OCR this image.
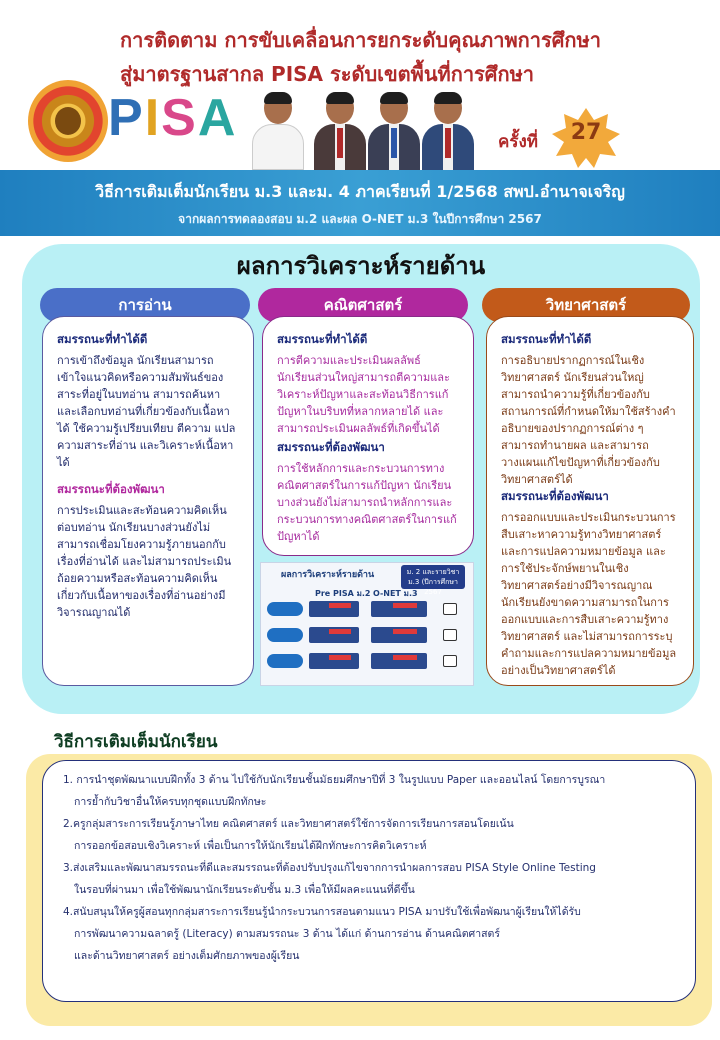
การติดตาม การขับเคลื่อนการยกระดับคุณภาพการศึกษา
สู่มาตรฐานสากล PISA ระดับเขตพื้นที่การศึกษา
PISA	ครั้งที่	27
วิธีการเติมเต็มนักเรียน ม.3 และม. 4 ภาคเรียนที่ 1/2568 สพป.อำนาจเจริญ
จากผลการทดลองสอบ ม.2 และผล O-NET ม.3 ในปีการศึกษา 2567
ผลการวิเคราะห์รายด้าน
การอ่าน	คณิตศาสตร์	วิทยาศาสตร์
สมรรถนะที่ทำได้ดี

การเข้าถึงข้อมูล นักเรียนสามารถเข้าใจแนวคิดหรือความสัมพันธ์ของสาระที่อยู่ในบทอ่าน สามารถค้นหาและเลือกบทอ่านที่เกี่ยวข้องกับเนื้อหาได้ ใช้ความรู้เปรียบเทียบ ตีความ แปลความสาระที่อ่าน และวิเคราะห์เนื้อหาได้

สมรรถนะที่ต้องพัฒนา

การประเมินและสะท้อนความคิดเห็นต่อบทอ่าน นักเรียนบางส่วนยังไม่สามารถเชื่อมโยงความรู้ภายนอกกับเรื่องที่อ่านได้ และไม่สามารถประเมินถ้อยความหรือสะท้อนความคิดเห็นเกี่ยวกับเนื้อหาของเรื่องที่อ่านอย่างมีวิจารณญาณได้

สมรรถนะที่ทำได้ดี

การตีความและประเมินผลลัพธ์ นักเรียนส่วนใหญ่สามารถตีความและวิเคราะห์ปัญหาและสะท้อนวิธีการแก้ปัญหาในบริบทที่หลากหลายได้ และสามารถประเมินผลลัพธ์ที่เกิดขึ้นได้

สมรรถนะที่ต้องพัฒนา

การใช้หลักการและกระบวนการทางคณิตศาสตร์ในการแก้ปัญหา นักเรียนบางส่วนยังไม่สามารถนำหลักการและกระบวนการทางคณิตศาสตร์ในการแก้ปัญหาได้

สมรรถนะที่ทำได้ดี

การอธิบายปรากฏการณ์ในเชิงวิทยาศาสตร์ นักเรียนส่วนใหญ่สามารถนำความรู้ที่เกี่ยวข้องกับสถานการณ์ที่กำหนดให้มาใช้สร้างคำอธิบายของปรากฏการณ์ต่าง ๆ สามารถทำนายผล และสามารถวางแผนแก้ไขปัญหาที่เกี่ยวข้องกับวิทยาศาสตร์ได้

สมรรถนะที่ต้องพัฒนา

การออกแบบและประเมินกระบวนการสืบเสาะหาความรู้ทางวิทยาศาสตร์และการแปลความหมายข้อมูล และการใช้ประจักษ์พยานในเชิงวิทยาศาสตร์อย่างมีวิจารณญาณ นักเรียนยังขาดความสามารถในการออกแบบและการสืบเสาะความรู้ทางวิทยาศาสตร์ และไม่สามารถการระบุคำถามและการแปลความหมายข้อมูลอย่างเป็นวิทยาศาสตร์ได้

ผลการวิเคราะห์รายด้าน	ม. 2 และรายวิชา ม.3 (ปีการศึกษา 2567
Pre PISA ม.2 O-NET ม.3
วิธีการเติมเต็มนักเรียน
1. การนำชุดพัฒนาแบบฝึกทั้ง 3 ด้าน ไปใช้กับนักเรียนชั้นมัธยมศึกษาปีที่ 3 ในรูปแบบ Paper และออนไลน์ โดยการบูรณา
การย้ำกับวิชาอื่นให้ครบทุกชุดแบบฝึกทักษะ
2.ครูกลุ่มสาระการเรียนรู้ภาษาไทย คณิตศาสตร์ และวิทยาศาสตร์ใช้การจัดการเรียนการสอนโดยเน้น
การออกข้อสอบเชิงวิเคราะห์ เพื่อเป็นการให้นักเรียนได้ฝึกทักษะการคิดวิเคราะห์
3.ส่งเสริมและพัฒนาสมรรถนะที่ดีและสมรรถนะที่ต้องปรับปรุงแก้ไขจากการนำผลการสอบ PISA Style Online Testing
ในรอบที่ผ่านมา เพื่อใช้พัฒนานักเรียนระดับชั้น ม.3 เพื่อให้มีผลคะแนนที่ดีขึ้น
4.สนับสนุนให้ครูผู้สอนทุกกลุ่มสาระการเรียนรู้นำกระบวนการสอนตามแนว PISA มาปรับใช้เพื่อพัฒนาผู้เรียนให้ได้รับ
การพัฒนาความฉลาดรู้ (Literacy) ตามสมรรถนะ 3 ด้าน ได้แก่ ด้านการอ่าน ด้านคณิตศาสตร์
และด้านวิทยาศาสตร์ อย่างเต็มศักยภาพของผู้เรียน
